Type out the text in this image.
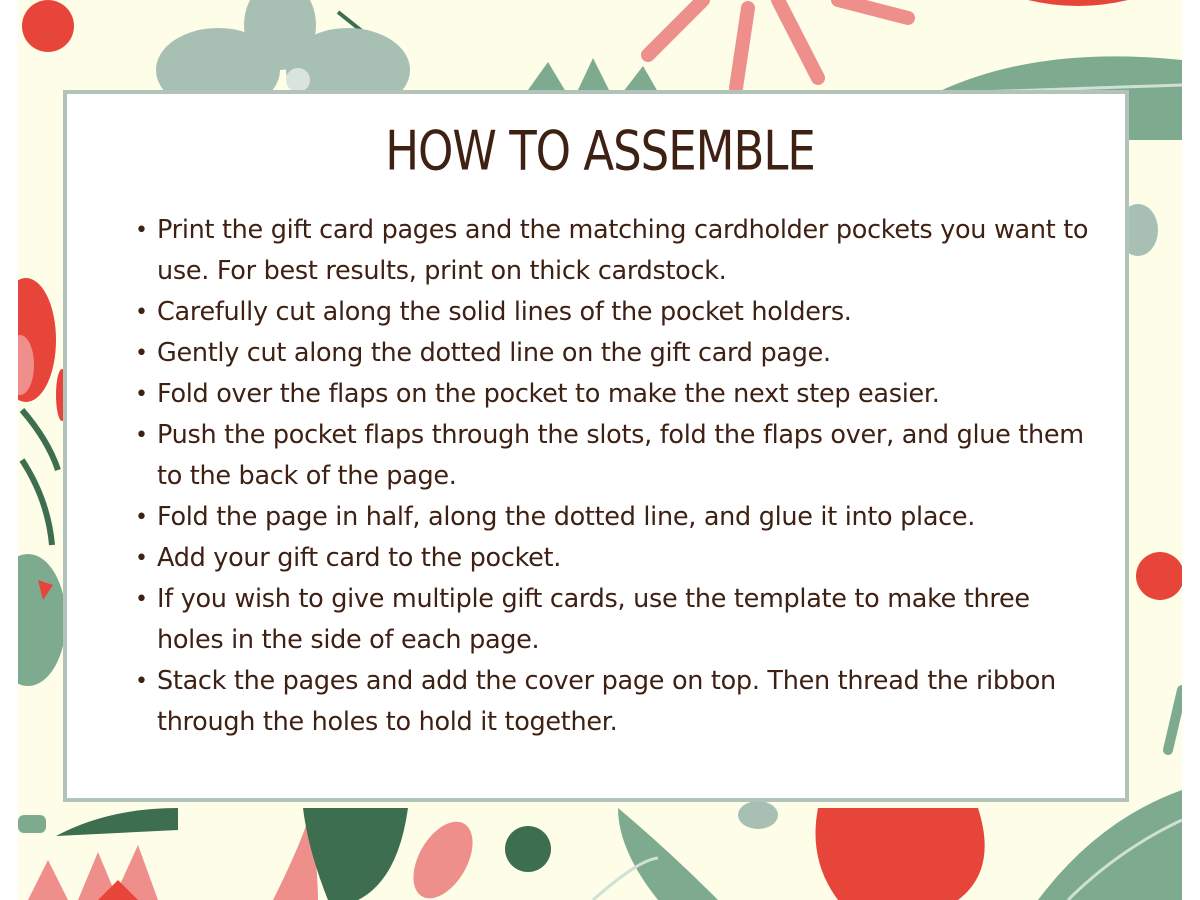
HOW TO ASSEMBLE
• Print the gift card pages and the matching cardholder pockets you want to use. For best results, print on thick cardstock.
• Carefully cut along the solid lines of the pocket holders.
• Gently cut along the dotted line on the gift card page.
• Fold over the flaps on the pocket to make the next step easier.
• Push the pocket flaps through the slots, fold the flaps over, and glue them to the back of the page.
• Fold the page in half, along the dotted line, and glue it into place.
• Add your gift card to the pocket.
• If you wish to give multiple gift cards, use the template to make three holes in the side of each page.
• Stack the pages and add the cover page on top. Then thread the ribbon through the holes to hold it together.
